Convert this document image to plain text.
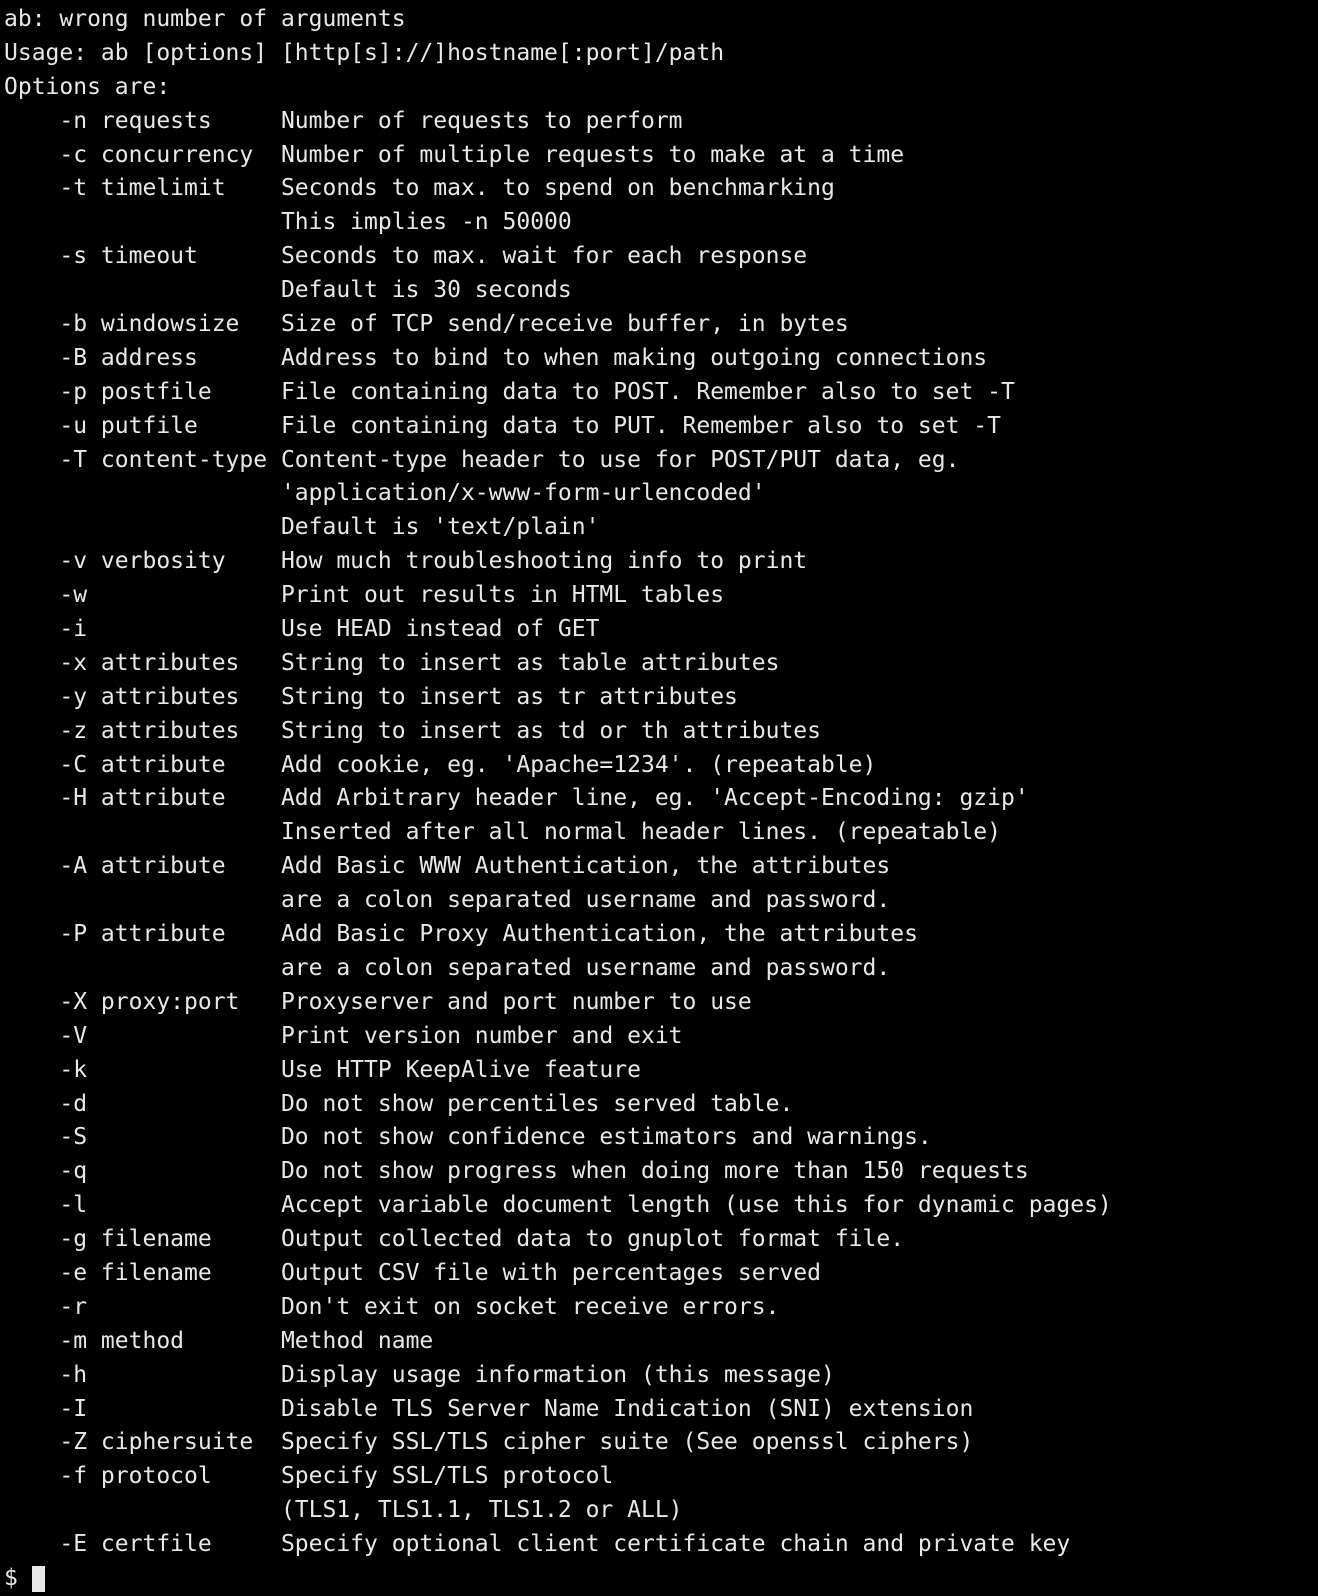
ab: wrong number of arguments
Usage: ab [options] [http[s]://]hostname[:port]/path
Options are:
-n requests     Number of requests to perform
-c concurrency  Number of multiple requests to make at a time
-t timelimit    Seconds to max. to spend on benchmarking
This implies -n 50000
-s timeout      Seconds to max. wait for each response
Default is 30 seconds
-b windowsize   Size of TCP send/receive buffer, in bytes
-B address      Address to bind to when making outgoing connections
-p postfile     File containing data to POST. Remember also to set -T
-u putfile      File containing data to PUT. Remember also to set -T
-T content-type Content-type header to use for POST/PUT data, eg.
'application/x-www-form-urlencoded'
Default is 'text/plain'
-v verbosity    How much troubleshooting info to print
-w              Print out results in HTML tables
-i              Use HEAD instead of GET
-x attributes   String to insert as table attributes
-y attributes   String to insert as tr attributes
-z attributes   String to insert as td or th attributes
-C attribute    Add cookie, eg. 'Apache=1234'. (repeatable)
-H attribute    Add Arbitrary header line, eg. 'Accept-Encoding: gzip'
Inserted after all normal header lines. (repeatable)
-A attribute    Add Basic WWW Authentication, the attributes
are a colon separated username and password.
-P attribute    Add Basic Proxy Authentication, the attributes
are a colon separated username and password.
-X proxy:port   Proxyserver and port number to use
-V              Print version number and exit
-k              Use HTTP KeepAlive feature
-d              Do not show percentiles served table.
-S              Do not show confidence estimators and warnings.
-q              Do not show progress when doing more than 150 requests
-l              Accept variable document length (use this for dynamic pages)
-g filename     Output collected data to gnuplot format file.
-e filename     Output CSV file with percentages served
-r              Don't exit on socket receive errors.
-m method       Method name
-h              Display usage information (this message)
-I              Disable TLS Server Name Indication (SNI) extension
-Z ciphersuite  Specify SSL/TLS cipher suite (See openssl ciphers)
-f protocol     Specify SSL/TLS protocol
(TLS1, TLS1.1, TLS1.2 or ALL)
-E certfile     Specify optional client certificate chain and private key
$
